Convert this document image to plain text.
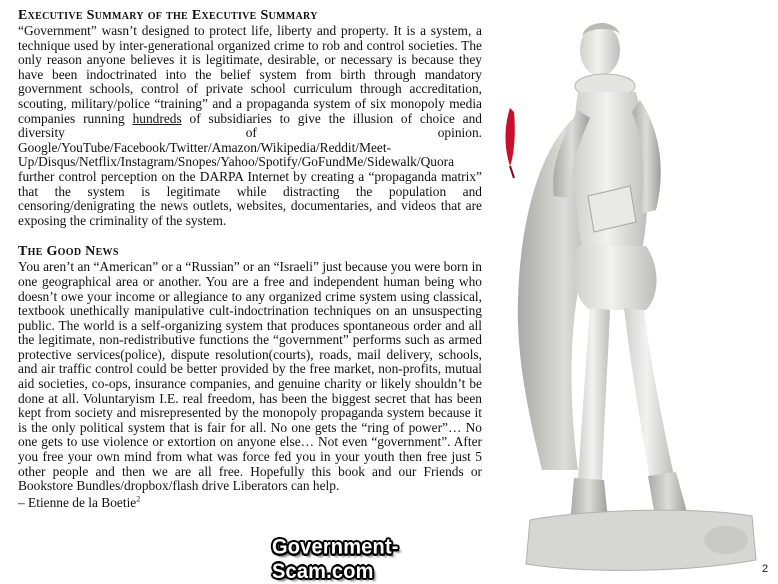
Executive Summary of the Executive Summary

“Government” wasn’t designed to protect life, liberty and property. It is a system, a technique used by inter-generational organized crime to rob and control societies. The only reason anyone believes it is legitimate, desirable, or necessary is because they have been indoctrinated into the belief system from birth through mandatory government schools, control of private school curriculum through accreditation, scouting, military/police “training” and a propaganda system of six monopoly media companies running hundreds of subsidiaries to give the illusion of choice and diversity of opinion. Google/YouTube/Facebook/Twitter/Amazon/Wikipedia/Reddit/Meet-Up/Disqus/Netflix/Instagram/Snopes/Yahoo/Spotify/GoFundMe/Sidewalk/Quora further control perception on the DARPA Internet by creating a “propaganda matrix” that the system is legitimate while distracting the population and censoring/denigrating the news outlets, websites, documentaries, and videos that are exposing the criminality of the system.

The Good News

You aren’t an “American” or a “Russian” or an “Israeli” just because you were born in one geographical area or another. You are a free and independent human being who doesn’t owe your income or allegiance to any organized crime system using classical, textbook unethically manipulative cult-indoctrination techniques on an unsuspecting public. The world is a self-organizing system that produces spontaneous order and all the legitimate, non-redistributive functions the “government” performs such as armed protective services(police), dispute resolution(courts), roads, mail delivery, schools, and air traffic control could be better provided by the free market, non-profits, mutual aid societies, co-ops, insurance companies, and genuine charity or likely shouldn’t be done at all. Voluntaryism I.E. real freedom, has been the biggest secret that has been kept from society and misrepresented by the monopoly propaganda system because it is the only political system that is fair for all. No one gets the “ring of power”… No one gets to use violence or extortion on anyone else… Not even “government”. After you free your own mind from what was force fed you in your youth then free just 5 other people and then we are all free. Hopefully this book and our Friends or Bookstore Bundles/dropbox/flash drive Liberators can help.

– Etienne de la Boetie$^2$
Government-Scam.com	2
